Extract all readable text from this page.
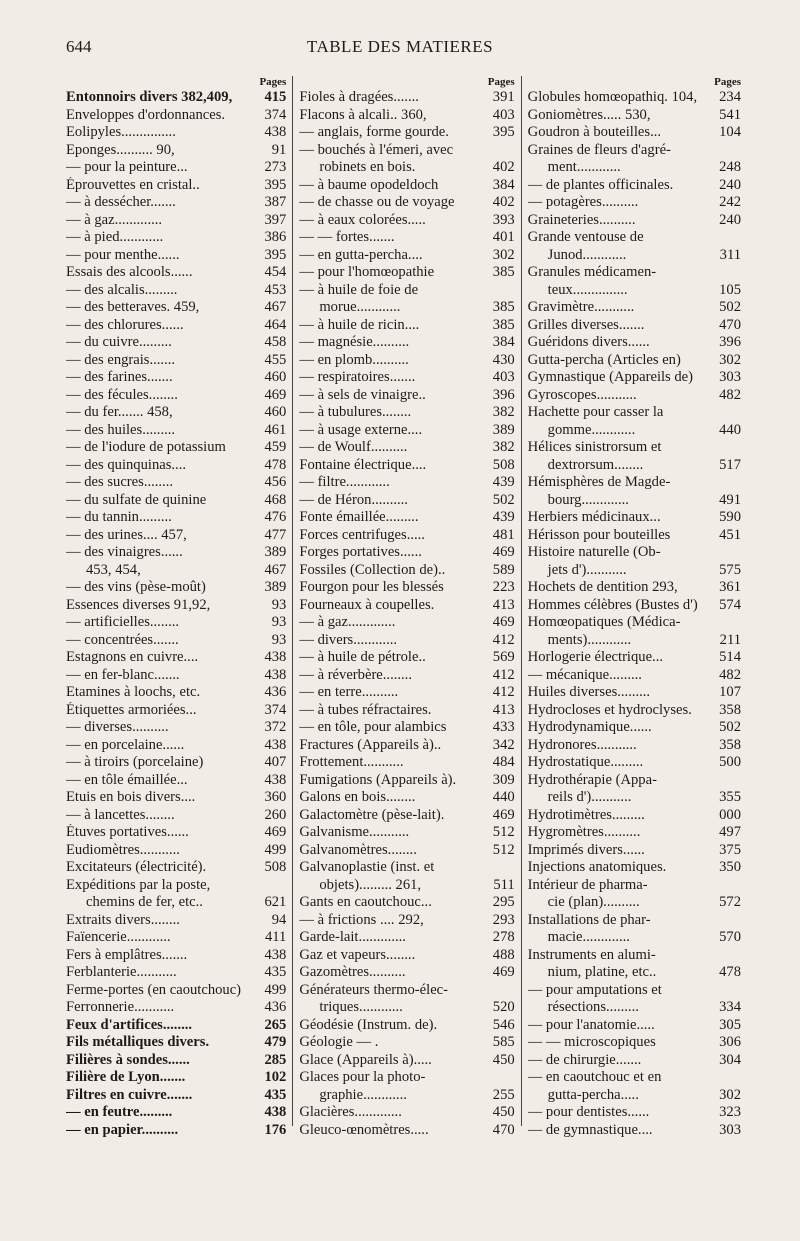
644	TABLE DES MATIERES
Pages
Entonnoirs divers 382,409,	415
Enveloppes d'ordonnances.	374
Eolipyles...............	438
Eponges.......... 90,	91
— pour la peinture...	273
Éprouvettes en cristal..	395
— à dessécher.......	387
— à gaz.............	397
— à pied............	386
— pour menthe......	395
Essais des alcools......	454
— des alcalis.........	453
— des betteraves. 459,	467
— des chlorures......	464
— du cuivre.........	458
— des engrais.......	455
— des farines.......	460
— des fécules........	469
— du fer....... 458,	460
— des huiles.........	461
— de l'iodure de potassium	459
— des quinquinas....	478
— des sucres........	456
— du sulfate de quinine	468
— du tannin.........	476
— des urines.... 457,	477
— des vinaigres......	389
453, 454,	467
— des vins (pèse-moût)	389
Essences diverses 91,92,	93
— artificielles........	93
— concentrées.......	93
Estagnons en cuivre....	438
— en fer-blanc.......	438
Etamines à loochs, etc.	436
Étiquettes armoriées...	374
— diverses..........	372
— en porcelaine......	438
— à tiroirs (porcelaine)	407
— en tôle émaillée...	438
Etuis en bois divers....	360
— à lancettes........	260
Étuves portatives......	469
Eudiomètres...........	499
Excitateurs (électricité).	508
Expéditions par la poste,
chemins de fer, etc..	621
Extraits divers........	94
Faïencerie............	411
Fers à emplâtres.......	438
Ferblanterie...........	435
Ferme-portes (en caoutchouc)	499
Ferronnerie...........	436
Feux d'artifices........	265
Fils métalliques divers.	479
Filières à sondes......	285
Filière de Lyon.......	102
Filtres en cuivre.......	435
— en feutre.........	438
— en papier..........	176
Pages
Fioles à dragées.......	391
Flacons à alcali.. 360,	403
— anglais, forme gourde.	395
— bouchés à l'émeri, avec
robinets en bois.	402
— à baume opodeldoch	384
— de chasse ou de voyage	402
— à eaux colorées.....	393
— — fortes.......	401
— en gutta-percha....	302
— pour l'homœopathie	385
— à huile de foie de
morue............	385
— à huile de ricin....	385
— magnésie..........	384
— en plomb..........	430
— respiratoires.......	403
— à sels de vinaigre..	396
— à tubulures........	382
— à usage externe....	389
— de Woulf..........	382
Fontaine électrique....	508
— filtre............	439
— de Héron..........	502
Fonte émaillée.........	439
Forces centrifuges.....	481
Forges portatives......	469
Fossiles (Collection de)..	589
Fourgon pour les blessés	223
Fourneaux à coupelles.	413
— à gaz.............	469
— divers............	412
— à huile de pétrole..	569
— à réverbère........	412
— en terre..........	412
— à tubes réfractaires.	413
— en tôle, pour alambics	433
Fractures (Appareils à)..	342
Frottement...........	484
Fumigations (Appareils à).	309
Galons en bois........	440
Galactomètre (pèse-lait).	469
Galvanisme...........	512
Galvanomètres........	512
Galvanoplastie (inst. et
objets)......... 261,	511
Gants en caoutchouc...	295
— à frictions .... 292,	293
Garde-lait.............	278
Gaz et vapeurs........	488
Gazomètres..........	469
Générateurs thermo-élec-
triques............	520
Géodésie (Instrum. de).	546
Géologie — .	585
Glace (Appareils à).....	450
Glaces pour la photo-
graphie............	255
Glacières.............	450
Gleuco-œnomètres.....	470
Pages
Globules homœopathiq. 104,	234
Goniomètres..... 530,	541
Goudron à bouteilles...	104
Graines de fleurs d'agré-
ment............	248
— de plantes officinales.	240
— potagères..........	242
Graineteries..........	240
Grande ventouse de
Junod............	311
Granules médicamen-
teux...............	105
Gravimètre...........	502
Grilles diverses.......	470
Guéridons divers......	396
Gutta-percha (Articles en)	302
Gymnastique (Appareils de)	303
Gyroscopes...........	482
Hachette pour casser la
gomme............	440
Hélices sinistrorsum et
dextrorsum........	517
Hémisphères de Magde-
bourg.............	491
Herbiers médicinaux...	590
Hérisson pour bouteilles	451
Histoire naturelle (Ob-
jets d')...........	575
Hochets de dentition 293,	361
Hommes célèbres (Bustes d')	574
Homœopatiques (Médica-
ments)............	211
Horlogerie électrique...	514
— mécanique.........	482
Huiles diverses.........	107
Hydrocloses et hydroclyses.	358
Hydrodynamique......	502
Hydronores...........	358
Hydrostatique.........	500
Hydrothérapie (Appa-
reils d')...........	355
Hydrotimètres.........	000
Hygromètres..........	497
Imprimés divers......	375
Injections anatomiques.	350
Intérieur de pharma-
cie (plan)..........	572
Installations de phar-
macie.............	570
Instruments en alumi-
nium, platine, etc..	478
— pour amputations et
résections.........	334
— pour l'anatomie.....	305
— — microscopiques	306
— de chirurgie.......	304
— en caoutchouc et en
gutta-percha.....	302
— pour dentistes......	323
— de gymnastique....	303
